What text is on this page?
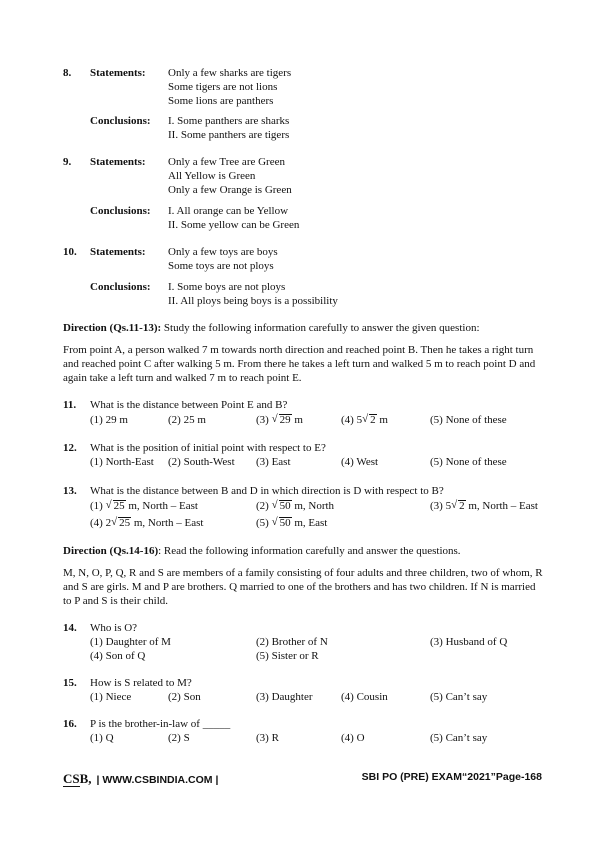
8. Statements: Only a few sharks are tigers
Some tigers are not lions
Some lions are panthers
Conclusions: I. Some panthers are sharks
II. Some panthers are tigers
9. Statements: Only a few Tree are Green
All Yellow is Green
Only a few Orange is Green
Conclusions: I. All orange can be Yellow
II. Some yellow can be Green
10. Statements: Only a few toys are boys
Some toys are not ploys
Conclusions: I. Some boys are not ploys
II. All ploys being boys is a possibility
Direction (Qs.11-13): Study the following information carefully to answer the given question:
From point A, a person walked 7 m towards north direction and reached point B. Then he takes a right turn and reached point C after walking 5 m. From there he takes a left turn and walked 5 m to reach point D and again take a left turn and walked 7 m to reach point E.
11. What is the distance between Point E and B?
(1) 29 m	(2) 25 m	(3) √ 29 m	(4) 5 √ 2 m	(5) None of these
12. What is the position of initial point with respect to E?
(1) North-East (2) South-West (3) East	(4) West	(5) None of these
13. What is the distance between B and D in which direction is D with respect to B?
(1) √ 25 m, North – East	(2) √ 50 m, North	(3) 5 √ 2 m, North – East
(4) 2 √ 25 m, North – East	(5) √ 50 m, East
Direction (Qs.14-16): Read the following information carefully and answer the questions.
M, N, O, P, Q, R and S are members of a family consisting of four adults and three children, two of whom, R and S are girls. M and P are brothers. Q married to one of the brothers and has two children. If N is married to P and S is their child.
14. Who is O?
(1) Daughter of M	(2) Brother of N	(3) Husband of Q
(4) Son of Q	(5) Sister or R
15. How is S related to M?
(1) Niece	(2) Son	(3) Daughter	(4) Cousin	(5) Can’t say
16. P is the brother-in-law of _____
(1) Q	(2) S	(3) R	(4) O	(5) Can’t say
CSB, | WWW.CSBINDIA.COM |	SBI PO (PRE) EXAM“2021”Page-168
